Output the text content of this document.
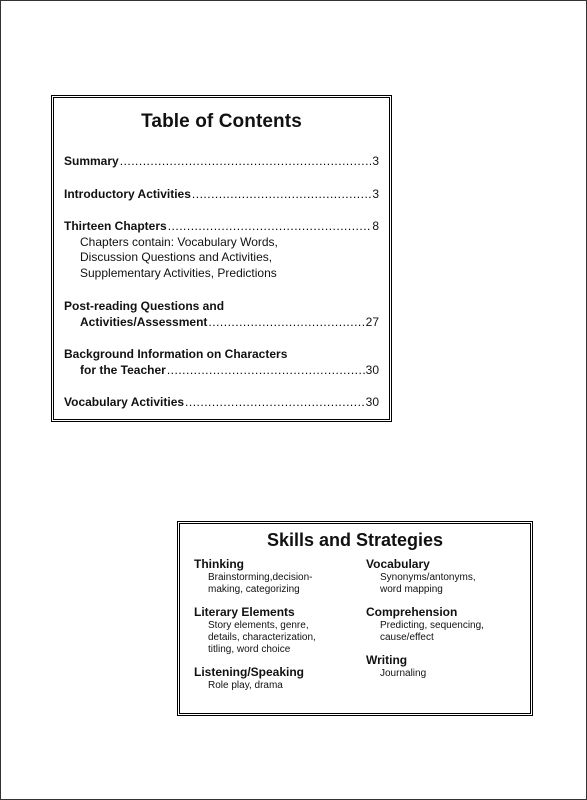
Table of Contents
Summary .....	3
Introductory Activities .....	3
Thirteen Chapters .....	8
Chapters contain: Vocabulary Words,
Discussion Questions and Activities,
Supplementary Activities, Predictions
Post-reading Questions and
Activities/Assessment .....	27
Background Information on Characters
for the Teacher .....	30
Vocabulary Activities .....	30
Skills and Strategies
Thinking
Brainstorming,decision-
making, categorizing
Literary Elements
Story elements, genre,
details, characterization,
titling, word choice
Listening/Speaking
Role play, drama
Vocabulary
Synonyms/antonyms,
word mapping
Comprehension
Predicting, sequencing,
cause/effect
Writing
Journaling
